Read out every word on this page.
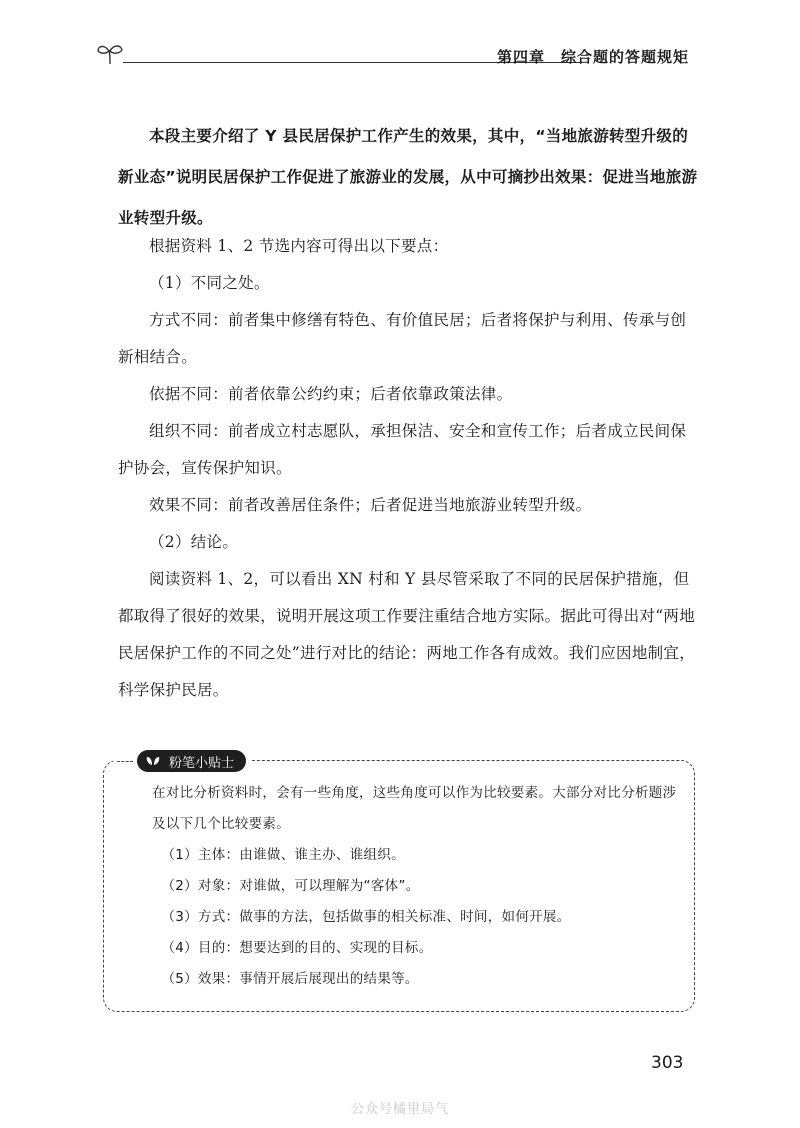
第四章　综合题的答题规矩

本段主要介绍了 Y 县民居保护工作产生的效果，其中，“当地旅游转型升级的新业态”说明民居保护工作促进了旅游业的发展，从中可摘抄出效果：促进当地旅游业转型升级。

根据资料 1、2 节选内容可得出以下要点：

（1）不同之处。

方式不同：前者集中修缮有特色、有价值民居；后者将保护与利用、传承与创新相结合。

依据不同：前者依靠公约约束；后者依靠政策法律。

组织不同：前者成立村志愿队，承担保洁、安全和宣传工作；后者成立民间保护协会，宣传保护知识。

效果不同：前者改善居住条件；后者促进当地旅游业转型升级。

（2）结论。

阅读资料 1、2，可以看出 XN 村和 Y 县尽管采取了不同的民居保护措施，但都取得了很好的效果，说明开展这项工作要注重结合地方实际。据此可得出对“两地民居保护工作的不同之处”进行对比的结论：两地工作各有成效。我们应因地制宜，科学保护民居。

粉笔小贴士

在对比分析资料时，会有一些角度，这些角度可以作为比较要素。大部分对比分析题涉及以下几个比较要素。

（1）主体：由谁做、谁主办、谁组织。

（2）对象：对谁做，可以理解为“客体”。

（3）方式：做事的方法，包括做事的相关标准、时间，如何开展。

（4）目的：想要达到的目的、实现的目标。

（5）效果：事情开展后展现出的结果等。

303
公众号橘里局气
